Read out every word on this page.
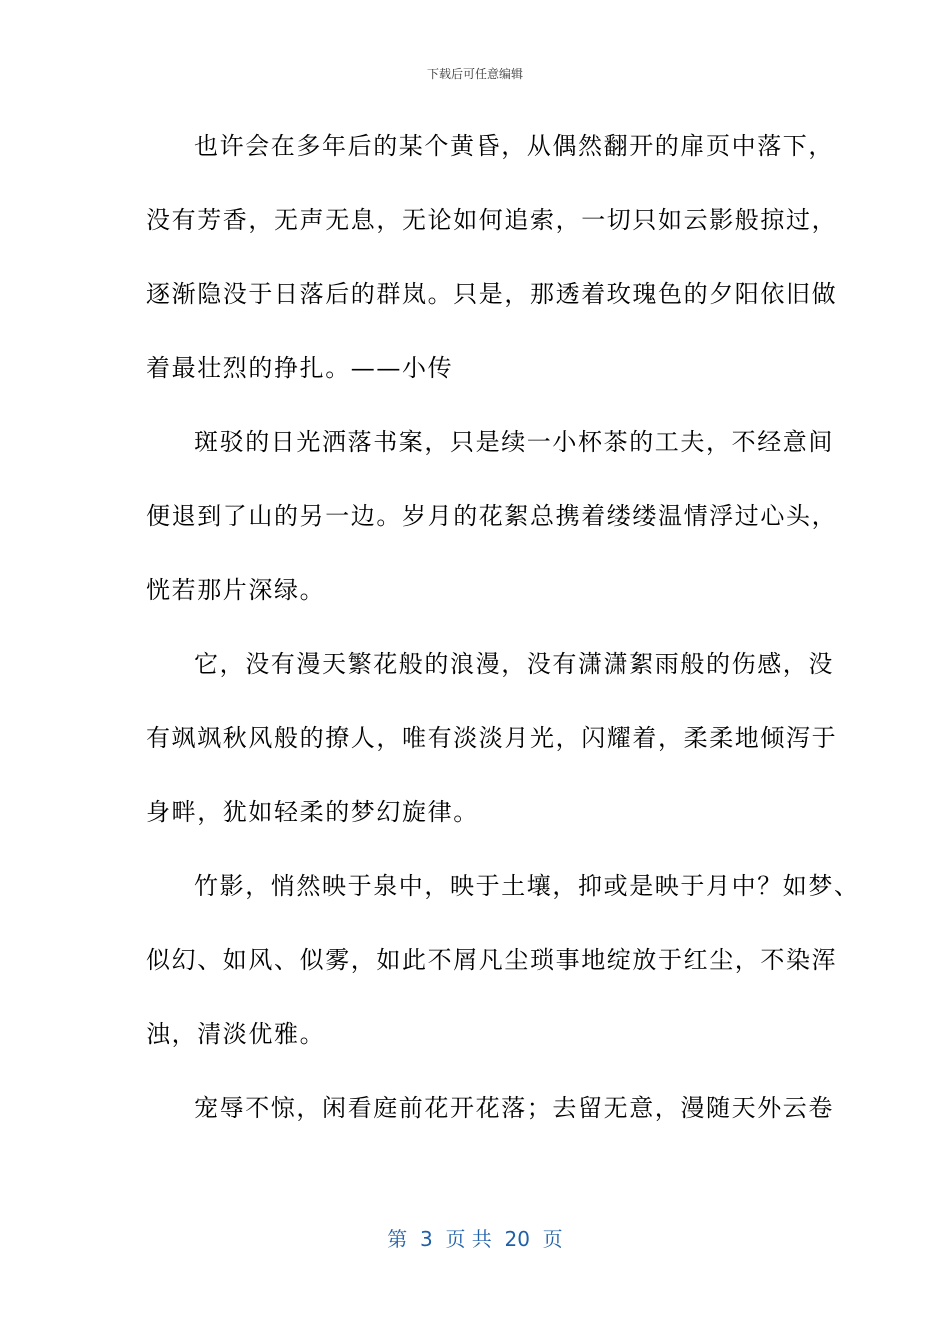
下载后可任意编辑
也许会在多年后的某个黄昏，从偶然翻开的扉页中落下，
没有芳香，无声无息，无论如何追索，一切只如云影般掠过，
逐渐隐没于日落后的群岚。只是，那透着玫瑰色的夕阳依旧做
着最壮烈的挣扎。——小传
斑驳的日光洒落书案，只是续一小杯茶的工夫，不经意间
便退到了山的另一边。岁月的花絮总携着缕缕温情浮过心头，
恍若那片深绿。
它，没有漫天繁花般的浪漫，没有潇潇絮雨般的伤感，没
有飒飒秋风般的撩人，唯有淡淡月光，闪耀着，柔柔地倾泻于
身畔，犹如轻柔的梦幻旋律。
竹影，悄然映于泉中，映于土壤，抑或是映于月中？如梦、
似幻、如风、似雾，如此不屑凡尘琐事地绽放于红尘，不染浑
浊，清淡优雅。
宠辱不惊，闲看庭前花开花落；去留无意，漫随天外云卷
第  3  页 共  20  页
